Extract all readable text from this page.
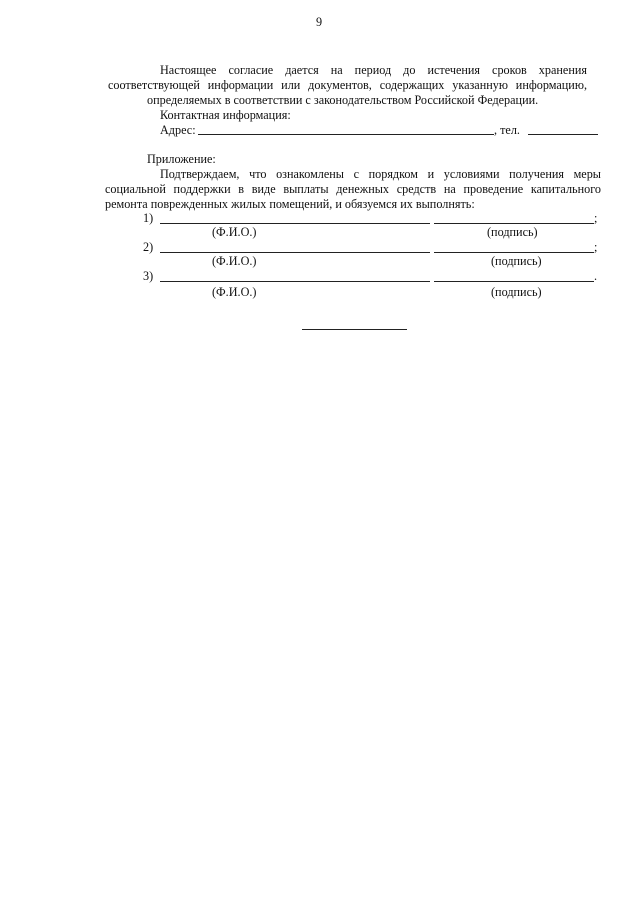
9
Настоящее согласие дается на период до истечения сроков хранения
соответствующей информации или документов, содержащих указанную информацию,
определяемых в соответствии с законодательством Российской Федерации.
Контактная информация:
Адрес:	, тел.
Приложение:
Подтверждаем, что ознакомлены с порядком и условиями получения меры
социальной поддержки в виде выплаты денежных средств на проведение капитального
ремонта поврежденных жилых помещений, и обязуемся их выполнять:
1)	;
(Ф.И.О.)	(подпись)
2)	;
(Ф.И.О.)	(подпись)
3)	.
(Ф.И.О.)	(подпись)
